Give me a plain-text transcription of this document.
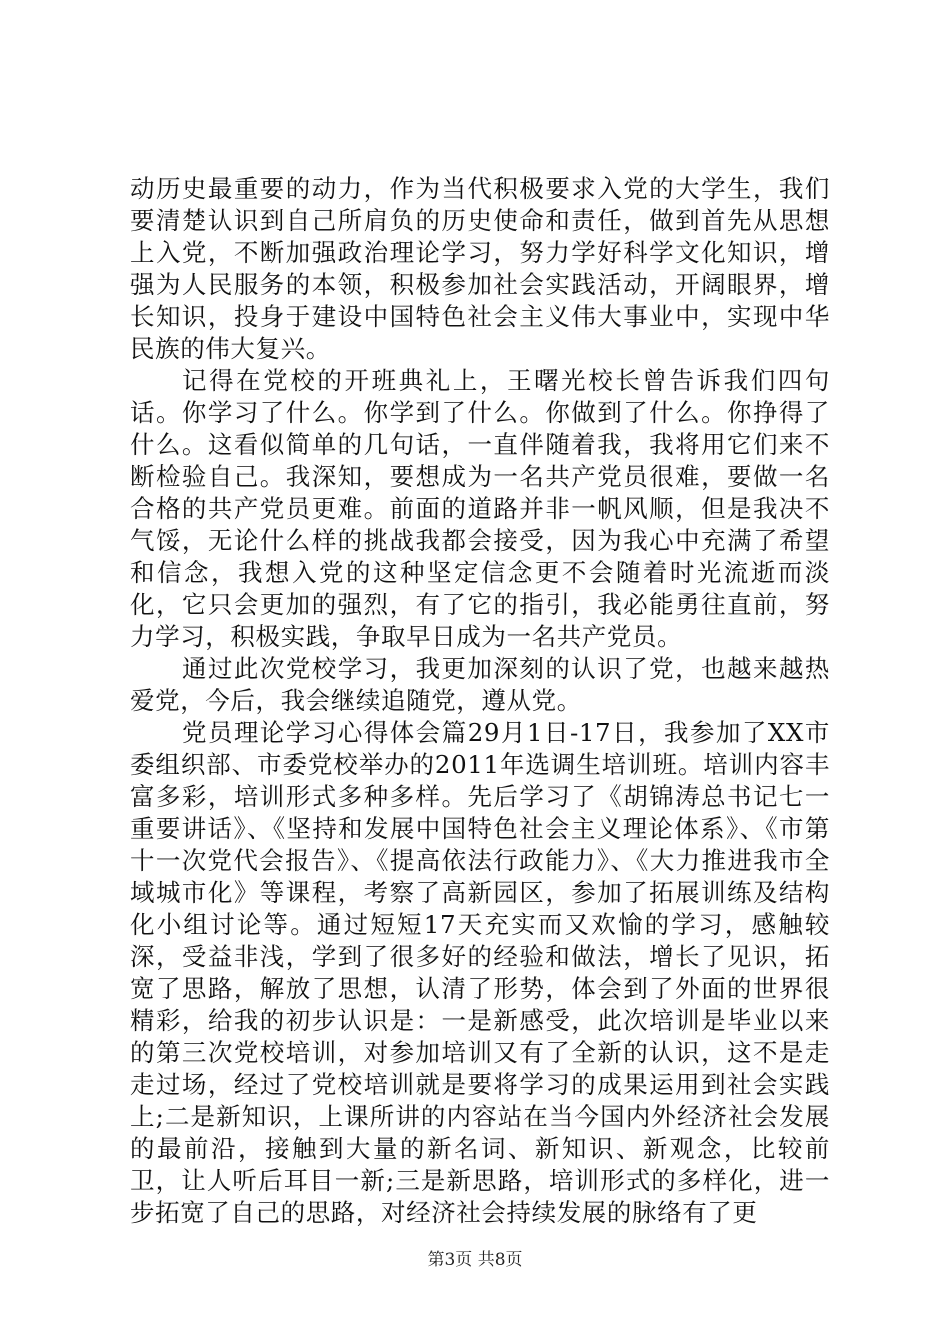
动历史最重要的动力，作为当代积极要求入党的大学生，我们要清楚认识到自己所肩负的历史使命和责任，做到首先从思想上入党，不断加强政治理论学习，努力学好科学文化知识，增强为人民服务的本领，积极参加社会实践活动，开阔眼界，增长知识，投身于建设中国特色社会主义伟大事业中，实现中华民族的伟大复兴。

记得在党校的开班典礼上，王曙光校长曾告诉我们四句话。你学习了什么。你学到了什么。你做到了什么。你挣得了什么。这看似简单的几句话，一直伴随着我，我将用它们来不断检验自己。我深知，要想成为一名共产党员很难，要做一名合格的共产党员更难。前面的道路并非一帆风顺，但是我决不气馁，无论什么样的挑战我都会接受，因为我心中充满了希望和信念，我想入党的这种坚定信念更不会随着时光流逝而淡化，它只会更加的强烈，有了它的指引，我必能勇往直前，努力学习，积极实践，争取早日成为一名共产党员。

通过此次党校学习，我更加深刻的认识了党，也越来越热爱党，今后，我会继续追随党，遵从党。

党员理论学习心得体会篇29月1日-17日，我参加了XX市委组织部、市委党校举办的2011年选调生培训班。培训内容丰富多彩，培训形式多种多样。先后学习了《胡锦涛总书记七一重要讲话》、《坚持和发展中国特色社会主义理论体系》、《市第十一次党代会报告》、《提高依法行政能力》、《大力推进我市全域城市化》等课程，考察了高新园区，参加了拓展训练及结构化小组讨论等。通过短短17天充实而又欢愉的学习，感触较深，受益非浅，学到了很多好的经验和做法，增长了见识，拓宽了思路，解放了思想，认清了形势，体会到了外面的世界很精彩，给我的初步认识是：一是新感受，此次培训是毕业以来的第三次党校培训，对参加培训又有了全新的认识，这不是走走过场，经过了党校培训就是要将学习的成果运用到社会实践上;二是新知识，上课所讲的内容站在当今国内外经济社会发展的最前沿，接触到大量的新名词、新知识、新观念，比较前卫，让人听后耳目一新;三是新思路，培训形式的多样化，进一步拓宽了自己的思路，对经济社会持续发展的脉络有了更

第3页 共8页
